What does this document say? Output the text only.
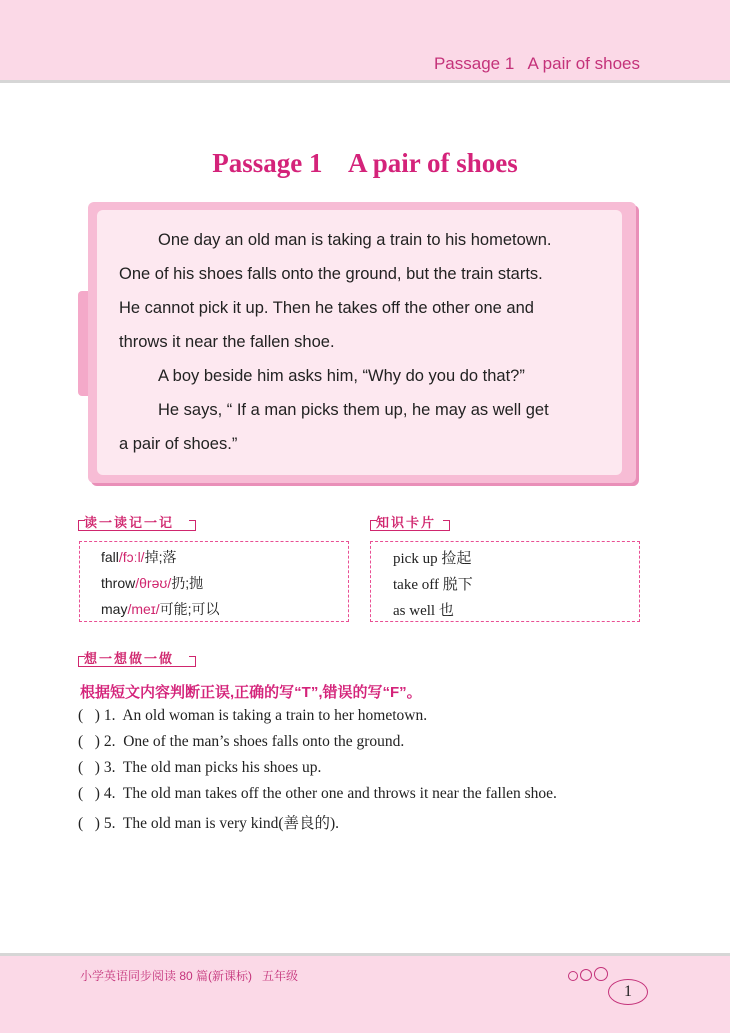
Passage 1   A pair of shoes
Passage 1    A pair of shoes
One day an old man is taking a train to his hometown.
One of his shoes falls onto the ground, but the train starts.
He cannot pick it up. Then he takes off the other one and
throws it near the fallen shoe.
A boy beside him asks him, “Why do you do that?”
He says, “ If a man picks them up, he may as well get
a pair of shoes.”
读一读记一记
fall/fɔːl/掉;落
throw/θrəʊ/扔;抛
may/meɪ/可能;可以
知识卡片
pick up 捡起
take off 脱下
as well 也
想一想做一做
根据短文内容判断正误,正确的写“T”,错误的写“F”。
(   ) 1.  An old woman is taking a train to her hometown.
(   ) 2.  One of the man’s shoes falls onto the ground.
(   ) 3.  The old man picks his shoes up.
(   ) 4.  The old man takes off the other one and throws it near the fallen shoe.
(   ) 5.  The old man is very kind(善良的).
小学英语同步阅读 80 篇(新课标)   五年级
1
